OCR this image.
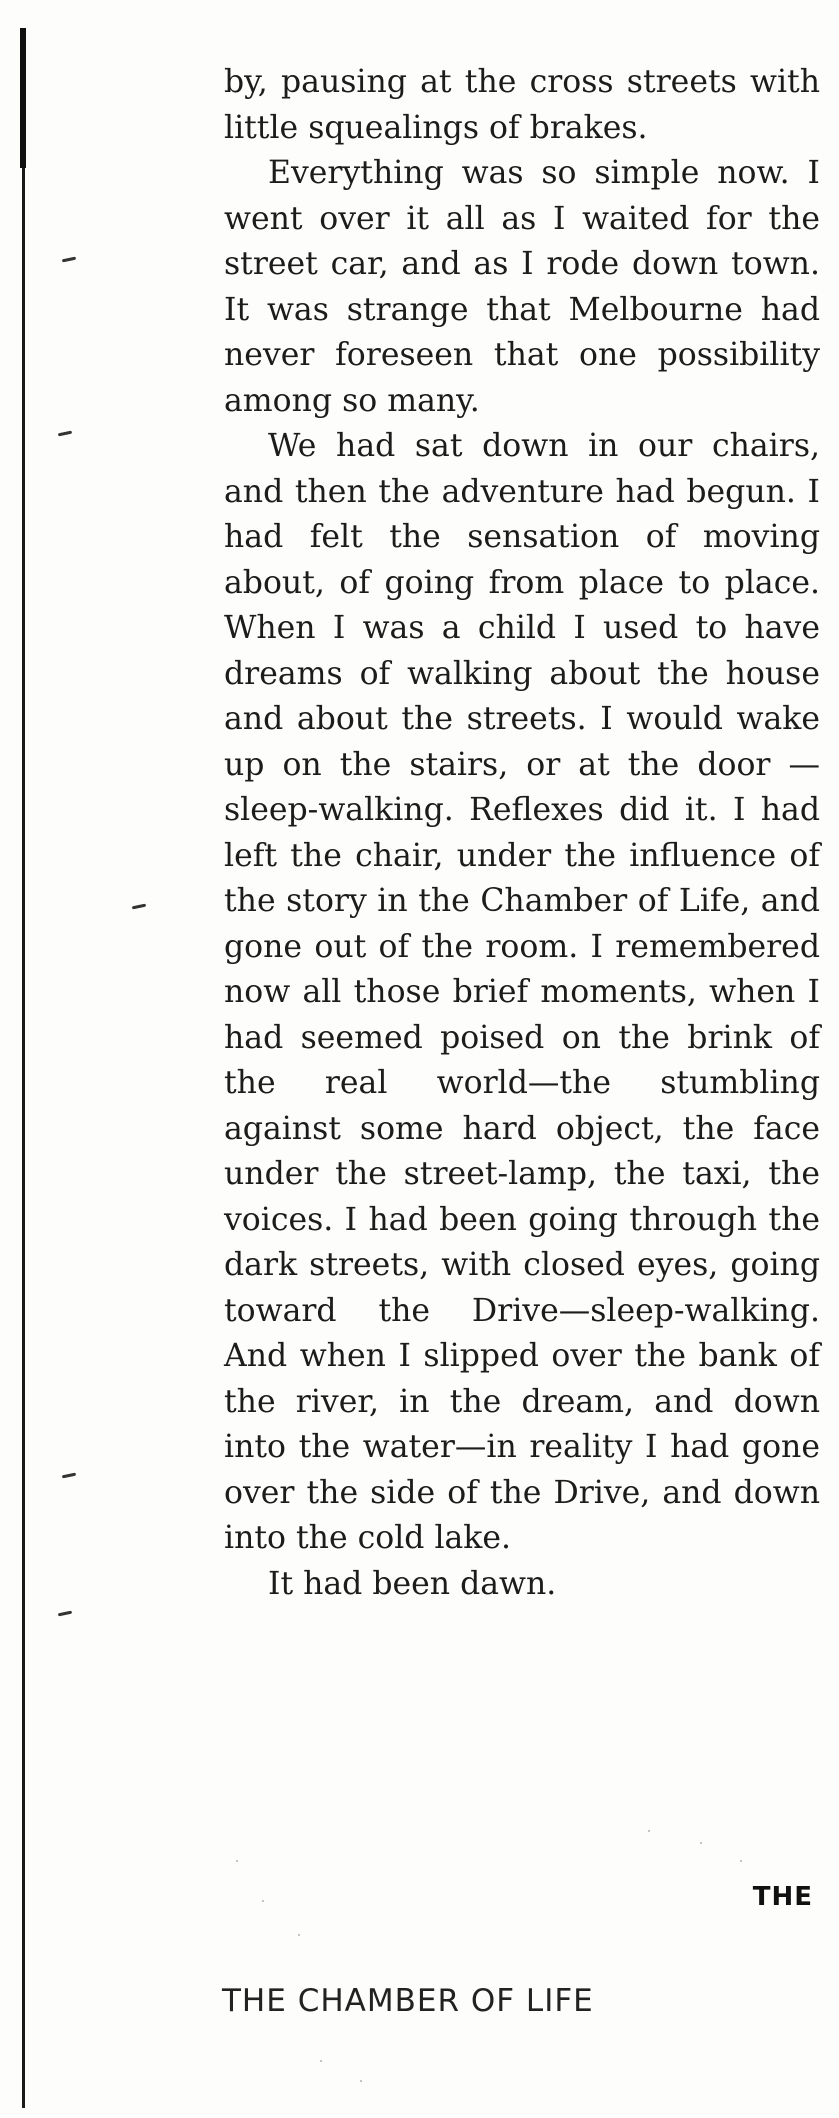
by, pausing at the cross streets with little squealings of brakes.

Everything was so simple now. I went over it all as I waited for the street car, and as I rode down town. It was strange that Melbourne had never foreseen that one possibility among so many.

We had sat down in our chairs, and then the adventure had begun. I had felt the sensation of moving about, of going from place to place. When I was a child I used to have dreams of walking about the house and about the streets. I would wake up on the stairs, or at the door —sleep-walking. Reflexes did it. I had left the chair, under the influence of the story in the Chamber of Life, and gone out of the room. I remembered now all those brief moments, when I had seemed poised on the brink of the real world—the stumbling against some hard object, the face under the street-lamp, the taxi, the voices. I had been going through the dark streets, with closed eyes, going toward the Drive—sleep-walking. And when I slipped over the bank of the river, in the dream, and down into the water—in reality I had gone over the side of the Drive, and down into the cold lake.

It had been dawn.

THE
THE CHAMBER OF LIFE
